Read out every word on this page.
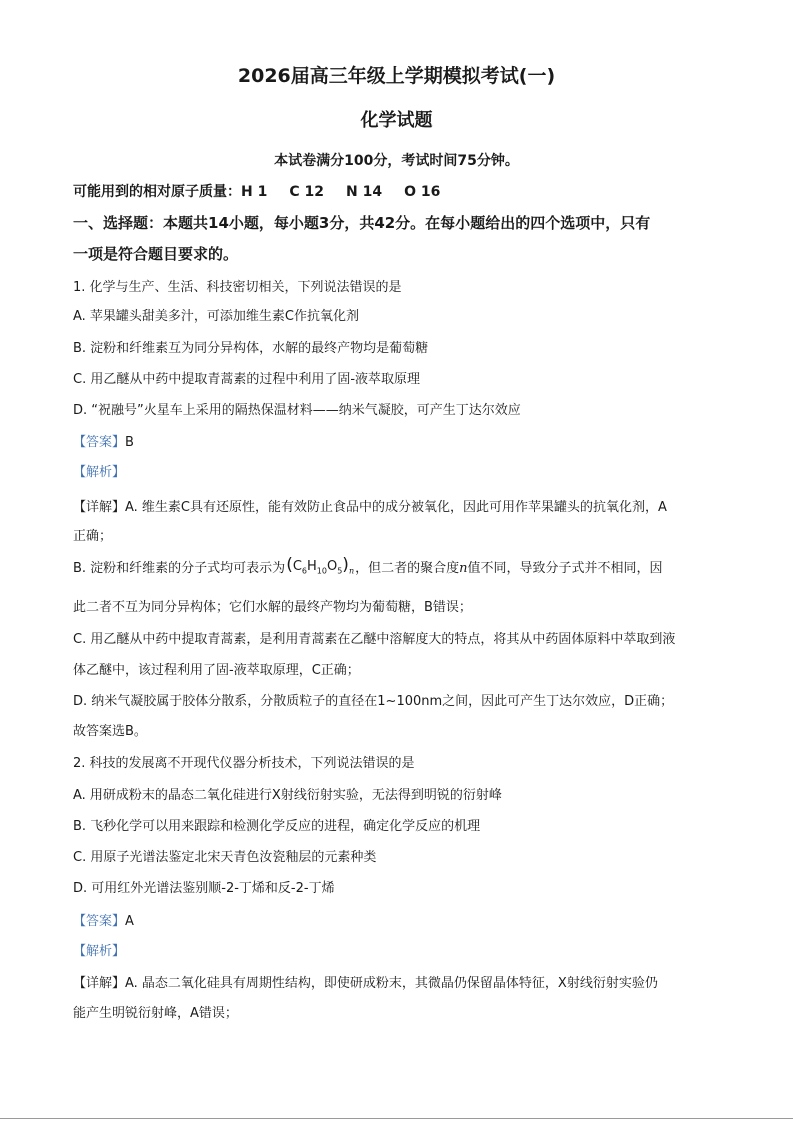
2026届高三年级上学期模拟考试(一)
化学试题
本试卷满分100分，考试时间75分钟。
可能用到的相对原子质量：H 1 C 12 N 14 O 16
一、选择题：本题共14小题，每小题3分，共42分。在每小题给出的四个选项中，只有
一项是符合题目要求的。
1. 化学与生产、生活、科技密切相关，下列说法错误的是
A. 苹果罐头甜美多汁，可添加维生素C作抗氧化剂
B. 淀粉和纤维素互为同分异构体，水解的最终产物均是葡萄糖
C. 用乙醚从中药中提取青蒿素的过程中利用了固-液萃取原理
D. “祝融号”火星车上采用的隔热保温材料——纳米气凝胶，可产生丁达尔效应
【答案】B
【解析】
【详解】A. 维生素C具有还原性，能有效防止食品中的成分被氧化，因此可用作苹果罐头的抗氧化剂，A
正确；
B. 淀粉和纤维素的分子式均可表示为$(C_6H_{10}O_5)_n$，但二者的聚合度n值不同，导致分子式并不相同，因
此二者不互为同分异构体；它们水解的最终产物均为葡萄糖，B错误；
C. 用乙醚从中药中提取青蒿素，是利用青蒿素在乙醚中溶解度大的特点，将其从中药固体原料中萃取到液
体乙醚中，该过程利用了固-液萃取原理，C正确；
D. 纳米气凝胶属于胶体分散系，分散质粒子的直径在1~100nm之间，因此可产生丁达尔效应，D正确；
故答案选B。
2. 科技的发展离不开现代仪器分析技术，下列说法错误的是
A. 用研成粉末的晶态二氧化硅进行X射线衍射实验，无法得到明锐的衍射峰
B. 飞秒化学可以用来跟踪和检测化学反应的进程，确定化学反应的机理
C. 用原子光谱法鉴定北宋天青色汝瓷釉层的元素种类
D. 可用红外光谱法鉴别顺-2-丁烯和反-2-丁烯
【答案】A
【解析】
【详解】A. 晶态二氧化硅具有周期性结构，即使研成粉末，其微晶仍保留晶体特征，X射线衍射实验仍
能产生明锐衍射峰，A错误；
